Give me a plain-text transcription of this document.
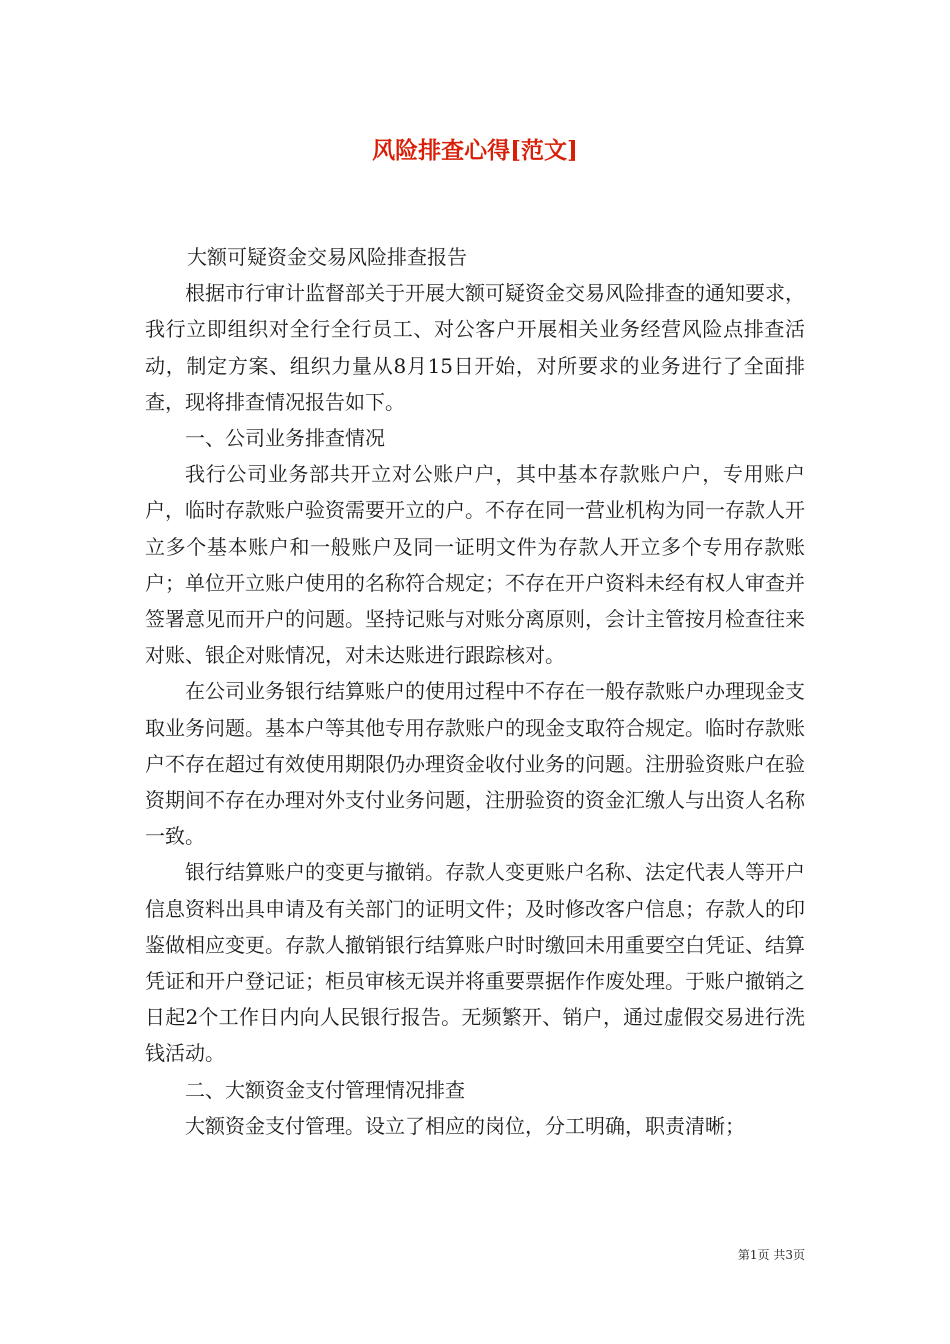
风险排查心得[范文]

大额可疑资金交易风险排查报告

根据市行审计监督部关于开展大额可疑资金交易风险排查的通知要求，我行立即组织对全行全行员工、对公客户开展相关业务经营风险点排查活动，制定方案、组织力量从8月15日开始，对所要求的业务进行了全面排查，现将排查情况报告如下。

一、公司业务排查情况

我行公司业务部共开立对公账户户，其中基本存款账户户，专用账户户，临时存款账户验资需要开立的户。不存在同一营业机构为同一存款人开立多个基本账户和一般账户及同一证明文件为存款人开立多个专用存款账户；单位开立账户使用的名称符合规定；不存在开户资料未经有权人审查并签署意见而开户的问题。坚持记账与对账分离原则，会计主管按月检查往来对账、银企对账情况，对未达账进行跟踪核对。

在公司业务银行结算账户的使用过程中不存在一般存款账户办理现金支取业务问题。基本户等其他专用存款账户的现金支取符合规定。临时存款账户不存在超过有效使用期限仍办理资金收付业务的问题。注册验资账户在验资期间不存在办理对外支付业务问题，注册验资的资金汇缴人与出资人名称一致。

银行结算账户的变更与撤销。存款人变更账户名称、法定代表人等开户信息资料出具申请及有关部门的证明文件；及时修改客户信息；存款人的印鉴做相应变更。存款人撤销银行结算账户时时缴回未用重要空白凭证、结算凭证和开户登记证；柜员审核无误并将重要票据作作废处理。于账户撤销之日起2个工作日内向人民银行报告。无频繁开、销户，通过虚假交易进行洗钱活动。

二、大额资金支付管理情况排查

大额资金支付管理。设立了相应的岗位，分工明确，职责清晰；

第1页 共3页
